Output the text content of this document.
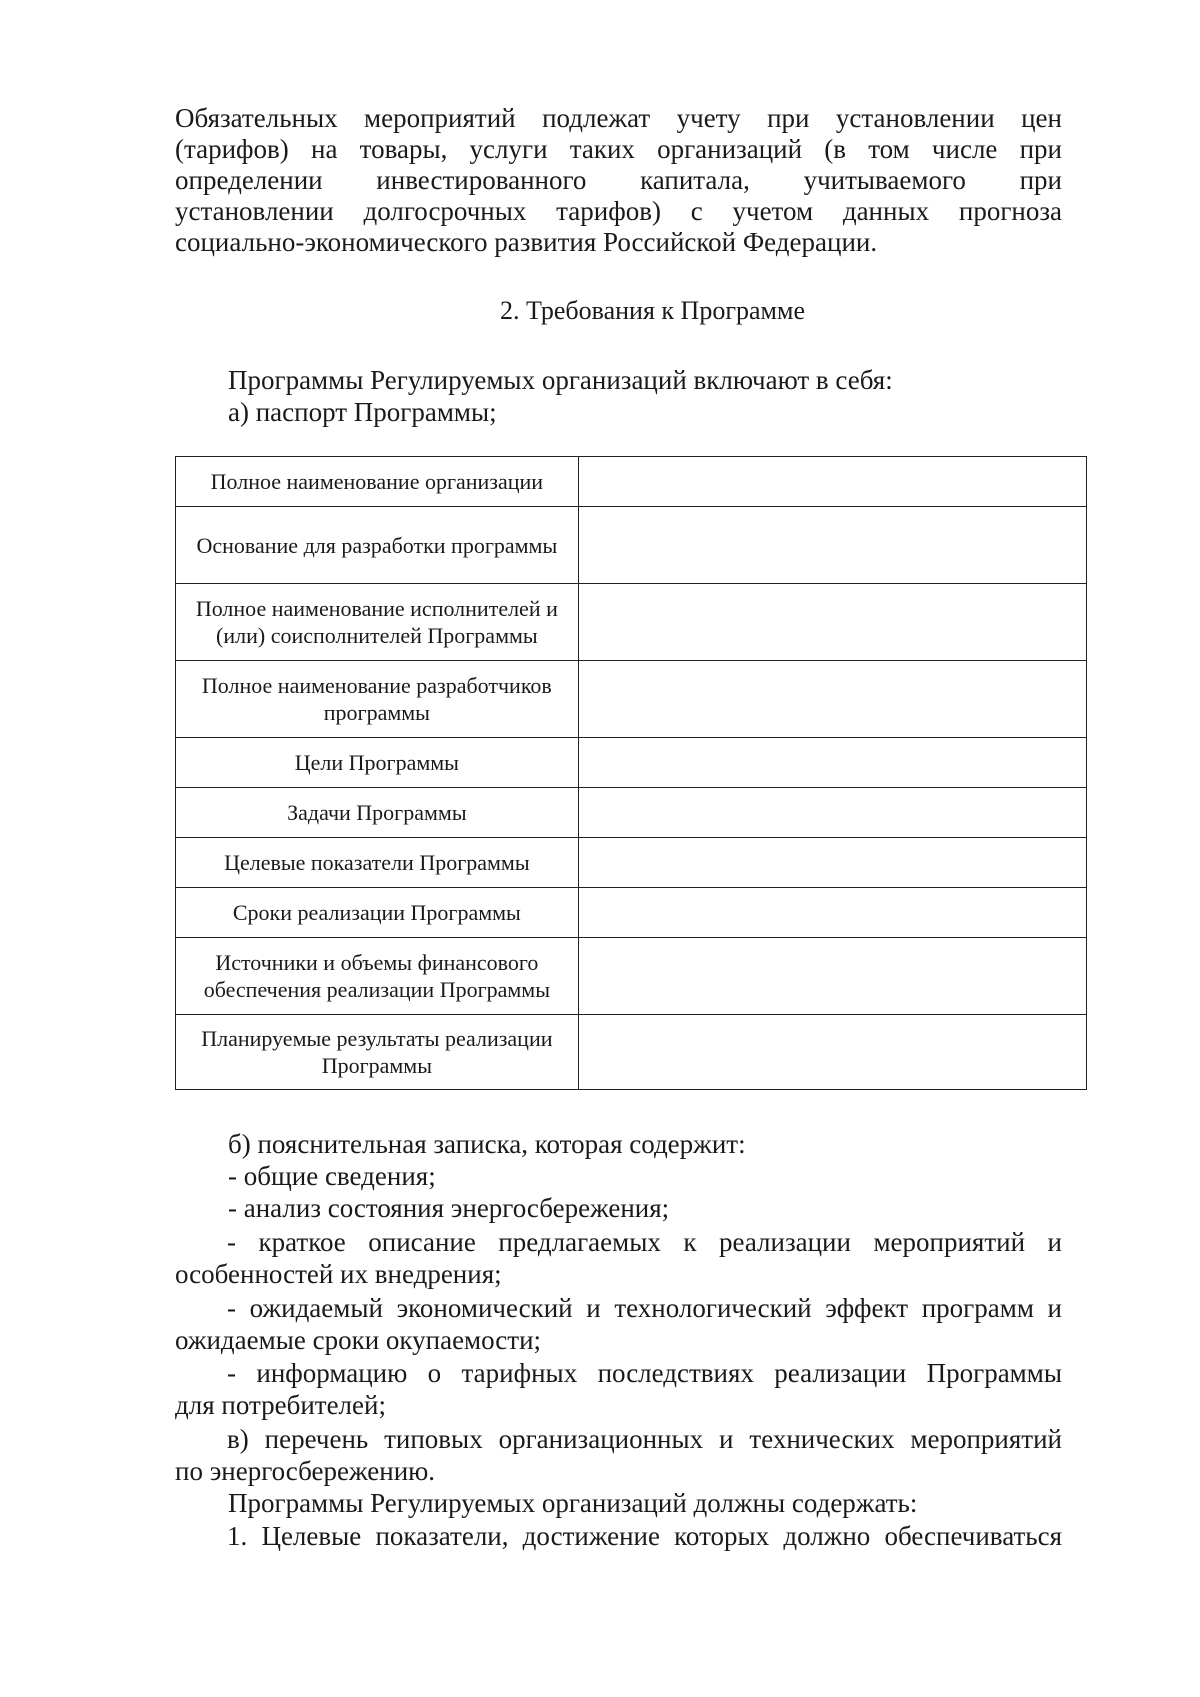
Обязательных мероприятий подлежат учету при установлении цен
(тарифов) на товары, услуги таких организаций (в том числе при
определении инвестированного капитала, учитываемого при
установлении долгосрочных тарифов) с учетом данных прогноза
социально-экономического развития Российской Федерации.
2. Требования к Программе
Программы Регулируемых организаций включают в себя:
а) паспорт Программы;
Полное наименование организации	
Основание для разработки программы	
Полное наименование исполнителей и (или) соисполнителей Программы	
Полное наименование разработчиков программы	
Цели Программы	
Задачи Программы	
Целевые показатели Программы	
Сроки реализации Программы	
Источники и объемы финансового обеспечения реализации Программы	
Планируемые результаты реализации Программы	
б) пояснительная записка, которая содержит:
- общие сведения;
- анализ состояния энергосбережения;
- краткое описание предлагаемых к реализации мероприятий и
особенностей их внедрения;
- ожидаемый экономический и технологический эффект программ и
ожидаемые сроки окупаемости;
- информацию о тарифных последствиях реализации Программы
для потребителей;
в) перечень типовых организационных и технических мероприятий
по энергосбережению.
Программы Регулируемых организаций должны содержать:
1. Целевые показатели, достижение которых должно обеспечиваться
